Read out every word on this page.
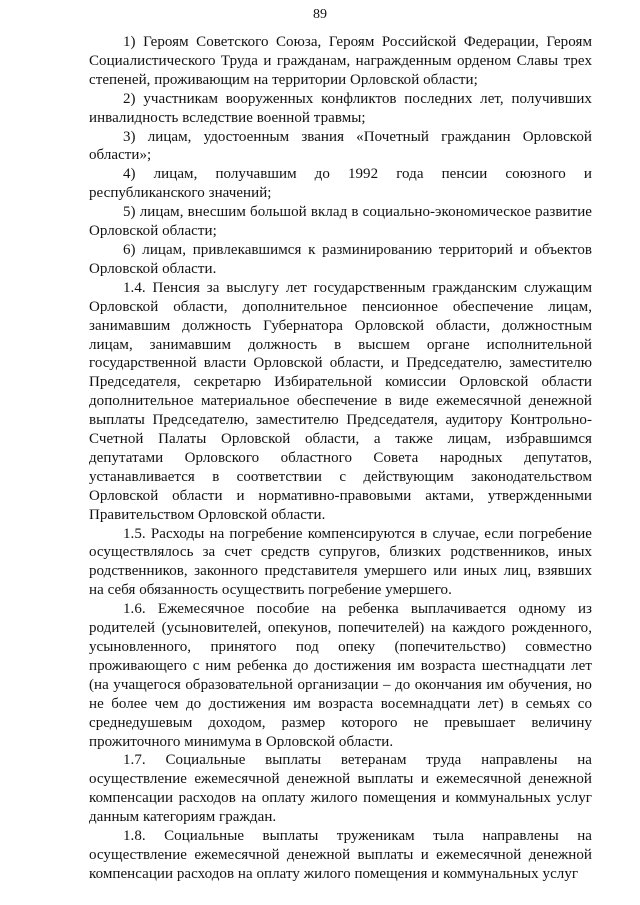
89

1) Героям Советского Союза, Героям Российской Федерации, Героям Социалистического Труда и гражданам, награжденным орденом Славы трех степеней, проживающим на территории Орловской области;

2) участникам вооруженных конфликтов последних лет, получивших инвалидность вследствие военной травмы;

3) лицам, удостоенным звания «Почетный гражданин Орловской области»;

4) лицам, получавшим до 1992 года пенсии союзного и республиканского значений;

5) лицам, внесшим большой вклад в социально-экономическое развитие Орловской области;

6) лицам, привлекавшимся к разминированию территорий и объектов Орловской области.

1.4. Пенсия за выслугу лет государственным гражданским служащим Орловской области, дополнительное пенсионное обеспечение лицам, занимавшим должность Губернатора Орловской области, должностным лицам, занимавшим должность в высшем органе исполнительной государственной власти Орловской области, и Председателю, заместителю Председателя, секретарю Избирательной комиссии Орловской области дополнительное материальное обеспечение в виде ежемесячной денежной выплаты Председателю, заместителю Председателя, аудитору Контрольно-Счетной Палаты Орловской области, а также лицам, избравшимся депутатами Орловского областного Совета народных депутатов, устанавливается в соответствии с действующим законодательством Орловской области и нормативно-правовыми актами, утвержденными Правительством Орловской области.

1.5. Расходы на погребение компенсируются в случае, если погребение осуществлялось за счет средств супругов, близких родственников, иных родственников, законного представителя умершего или иных лиц, взявших на себя обязанность осуществить погребение умершего.

1.6. Ежемесячное пособие на ребенка выплачивается одному из родителей (усыновителей, опекунов, попечителей) на каждого рожденного, усыновленного, принятого под опеку (попечительство) совместно проживающего с ним ребенка до достижения им возраста шестнадцати лет (на учащегося образовательной организации – до окончания им обучения, но не более чем до достижения им возраста восемнадцати лет) в семьях со среднедушевым доходом, размер которого не превышает величину прожиточного минимума в Орловской области.

1.7. Социальные выплаты ветеранам труда направлены на осуществление ежемесячной денежной выплаты и ежемесячной денежной компенсации расходов на оплату жилого помещения и коммунальных услуг данным категориям граждан.

1.8. Социальные выплаты труженикам тыла направлены на осуществление ежемесячной денежной выплаты и ежемесячной денежной компенсации расходов на оплату жилого помещения и коммунальных услуг
